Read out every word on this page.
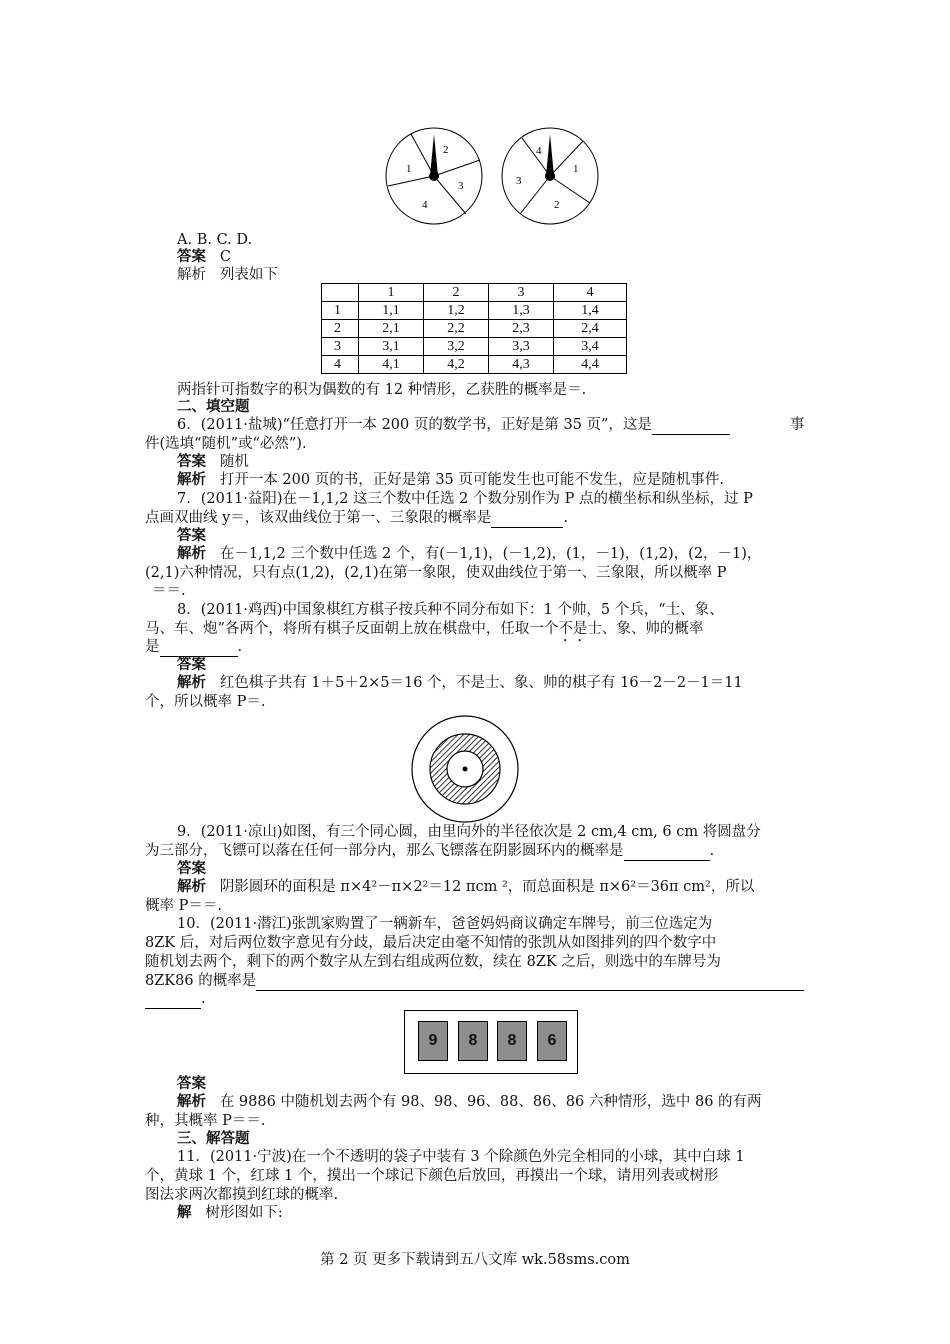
1
2
3
4
4
1
2
3
A. B. C. D.
答案 C
解析 列表如下
	1	2	3	4
1	1,1	1,2	1,3	1,4
2	2,1	2,2	2,3	2,4
3	3,1	3,2	3,3	3,4
4	4,1	4,2	4,3	4,4
两指针可指数字的积为偶数的有 12 种情形，乙获胜的概率是＝.
二、填空题
6．(2011·盐城)“任意打开一本 200 页的数学书，正好是第 35 页”，这是	事
件(选填“随机”或“必然”).
答案 随机
解析 打开一本 200 页的书，正好是第 35 页可能发生也可能不发生，应是随机事件.
7．(2011·益阳)在－1,1,2 这三个数中任选 2 个数分别作为 P 点的横坐标和纵坐标，过 P
点画双曲线 y＝，该双曲线位于第一、三象限的概率是	.
答案
解析 在－1,1,2 三个数中任选 2 个，有(－1,1)，(－1,2)，(1，－1)，(1,2)，(2，－1)，
(2,1)六种情况，只有点(1,2)，(2,1)在第一象限，使双曲线位于第一、三象限，所以概率 P
＝＝.
8．(2011·鸡西)中国象棋红方棋子按兵种不同分布如下：1 个帅，5 个兵，“士、象、
马、车、炮”各两个，将所有棋子反面朝上放在棋盘中，任取一个不是士、象、帅的概率
是	.
答案
解析 红色棋子共有 1＋5＋2×5＝16 个，不是士、象、帅的棋子有 16－2－2－1＝11
个，所以概率 P＝.
9．(2011·凉山)如图，有三个同心圆，由里向外的半径依次是 2 cm,4 cm, 6 cm 将圆盘分
为三部分，飞镖可以落在任何一部分内，那么飞镖落在阴影圆环内的概率是	.
答案
解析 阴影圆环的面积是 π×4²－π×2²＝12 πcm ²，而总面积是 π×6²＝36π cm²，所以
概率 P＝＝.
10．(2011·潜江)张凯家购置了一辆新车，爸爸妈妈商议确定车牌号，前三位选定为
8ZK 后，对后两位数字意见有分歧，最后决定由毫不知情的张凯从如图排列的四个数字中
随机划去两个，剩下的两个数字从左到右组成两位数，续在 8ZK 之后，则选中的车牌号为
8ZK86 的概率是
.
9	8	8	6
答案
解析 在 9886 中随机划去两个有 98、98、96、88、86、86 六种情形，选中 86 的有两
种，其概率 P＝＝.
三、解答题
11．(2011·宁波)在一个不透明的袋子中装有 3 个除颜色外完全相同的小球，其中白球 1
个，黄球 1 个，红球 1 个，摸出一个球记下颜色后放回，再摸出一个球，请用列表或树形
图法求两次都摸到红球的概率.
解 树形图如下:
第 2 页 更多下载请到五八文库 wk.58sms.com
